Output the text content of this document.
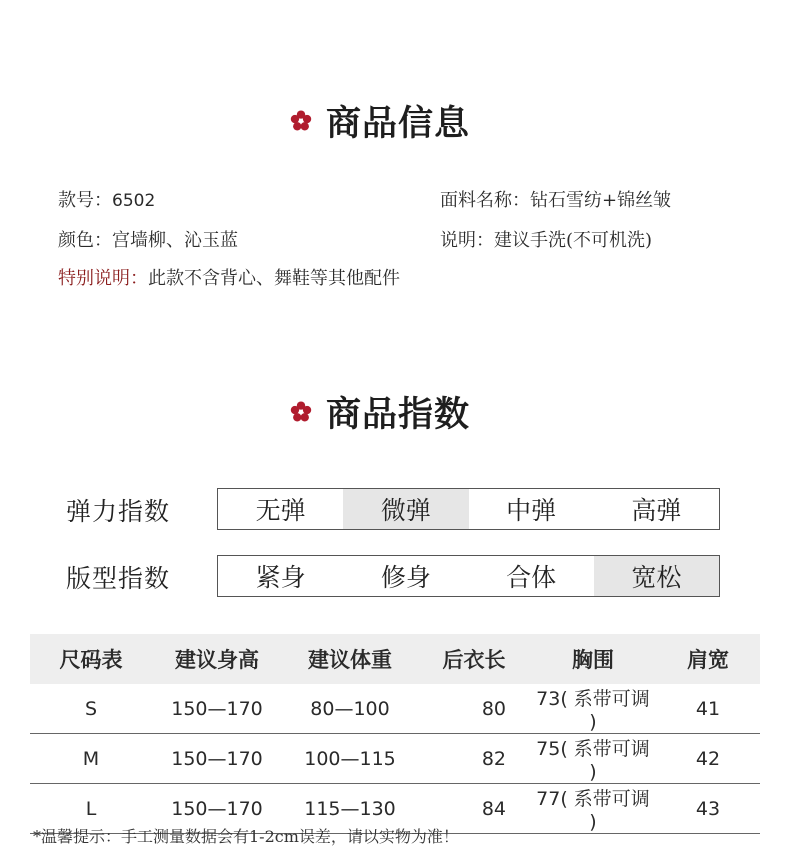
商品信息
款号：6502	面料名称：钻石雪纺+锦丝皱
颜色：宫墙柳、沁玉蓝	说明：建议手洗(不可机洗)
特别说明：此款不含背心、舞鞋等其他配件
商品指数
弹力指数	无弹	微弹	中弹	高弹
版型指数	紧身	修身	合体	宽松
尺码表	建议身高	建议体重	后衣长	胸围	肩宽
S	150—170	80—100	80	73( 系带可调 )	41
M	150—170	100—115	82	75( 系带可调 )	42
L	150—170	115—130	84	77( 系带可调 )	43
*温馨提示：手工测量数据会有1-2cm误差，请以实物为准！
